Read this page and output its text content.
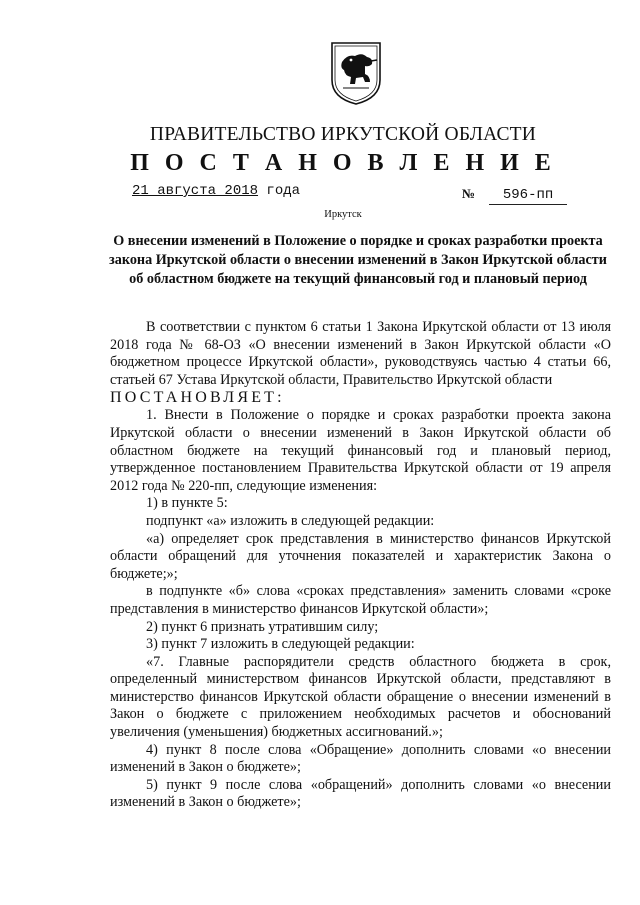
ПРАВИТЕЛЬСТВО ИРКУТСКОЙ ОБЛАСТИ
П О С Т А Н О В Л Е Н И Е
21 августа 2018 года	№ 596-пп
Иркутск
О внесении изменений в Положение о порядке и сроках разработки проекта закона Иркутской области о внесении изменений в Закон Иркутской области об областном бюджете на текущий финансовый год и плановый период

В соответствии с пунктом 6 статьи 1 Закона Иркутской области от 13 июля 2018 года № 68-ОЗ «О внесении изменений в Закон Иркутской области «О бюджетном процессе Иркутской области», руководствуясь частью 4 статьи 66, статьей 67 Устава Иркутской области, Правительство Иркутской области

ПОСТАНОВЛЯЕТ:

1. Внести в Положение о порядке и сроках разработки проекта закона Иркутской области о внесении изменений в Закон Иркутской области об областном бюджете на текущий финансовый год и плановый период, утвержденное постановлением Правительства Иркутской области от 19 апреля 2012 года № 220-пп, следующие изменения:

1) в пункте 5:

подпункт «а» изложить в следующей редакции:

«а) определяет срок представления в министерство финансов Иркутской области обращений для уточнения показателей и характеристик Закона о бюджете;»;

в подпункте «б» слова «сроках представления» заменить словами «сроке представления в министерство финансов Иркутской области»;

2) пункт 6 признать утратившим силу;

3) пункт 7 изложить в следующей редакции:

«7. Главные распорядители средств областного бюджета в срок, определенный министерством финансов Иркутской области, представляют в министерство финансов Иркутской области обращение о внесении изменений в Закон о бюджете с приложением необходимых расчетов и обоснований увеличения (уменьшения) бюджетных ассигнований.»;

4) пункт 8 после слова «Обращение» дополнить словами «о внесении изменений в Закон о бюджете»;

5) пункт 9 после слова «обращений» дополнить словами «о внесении изменений в Закон о бюджете»;
